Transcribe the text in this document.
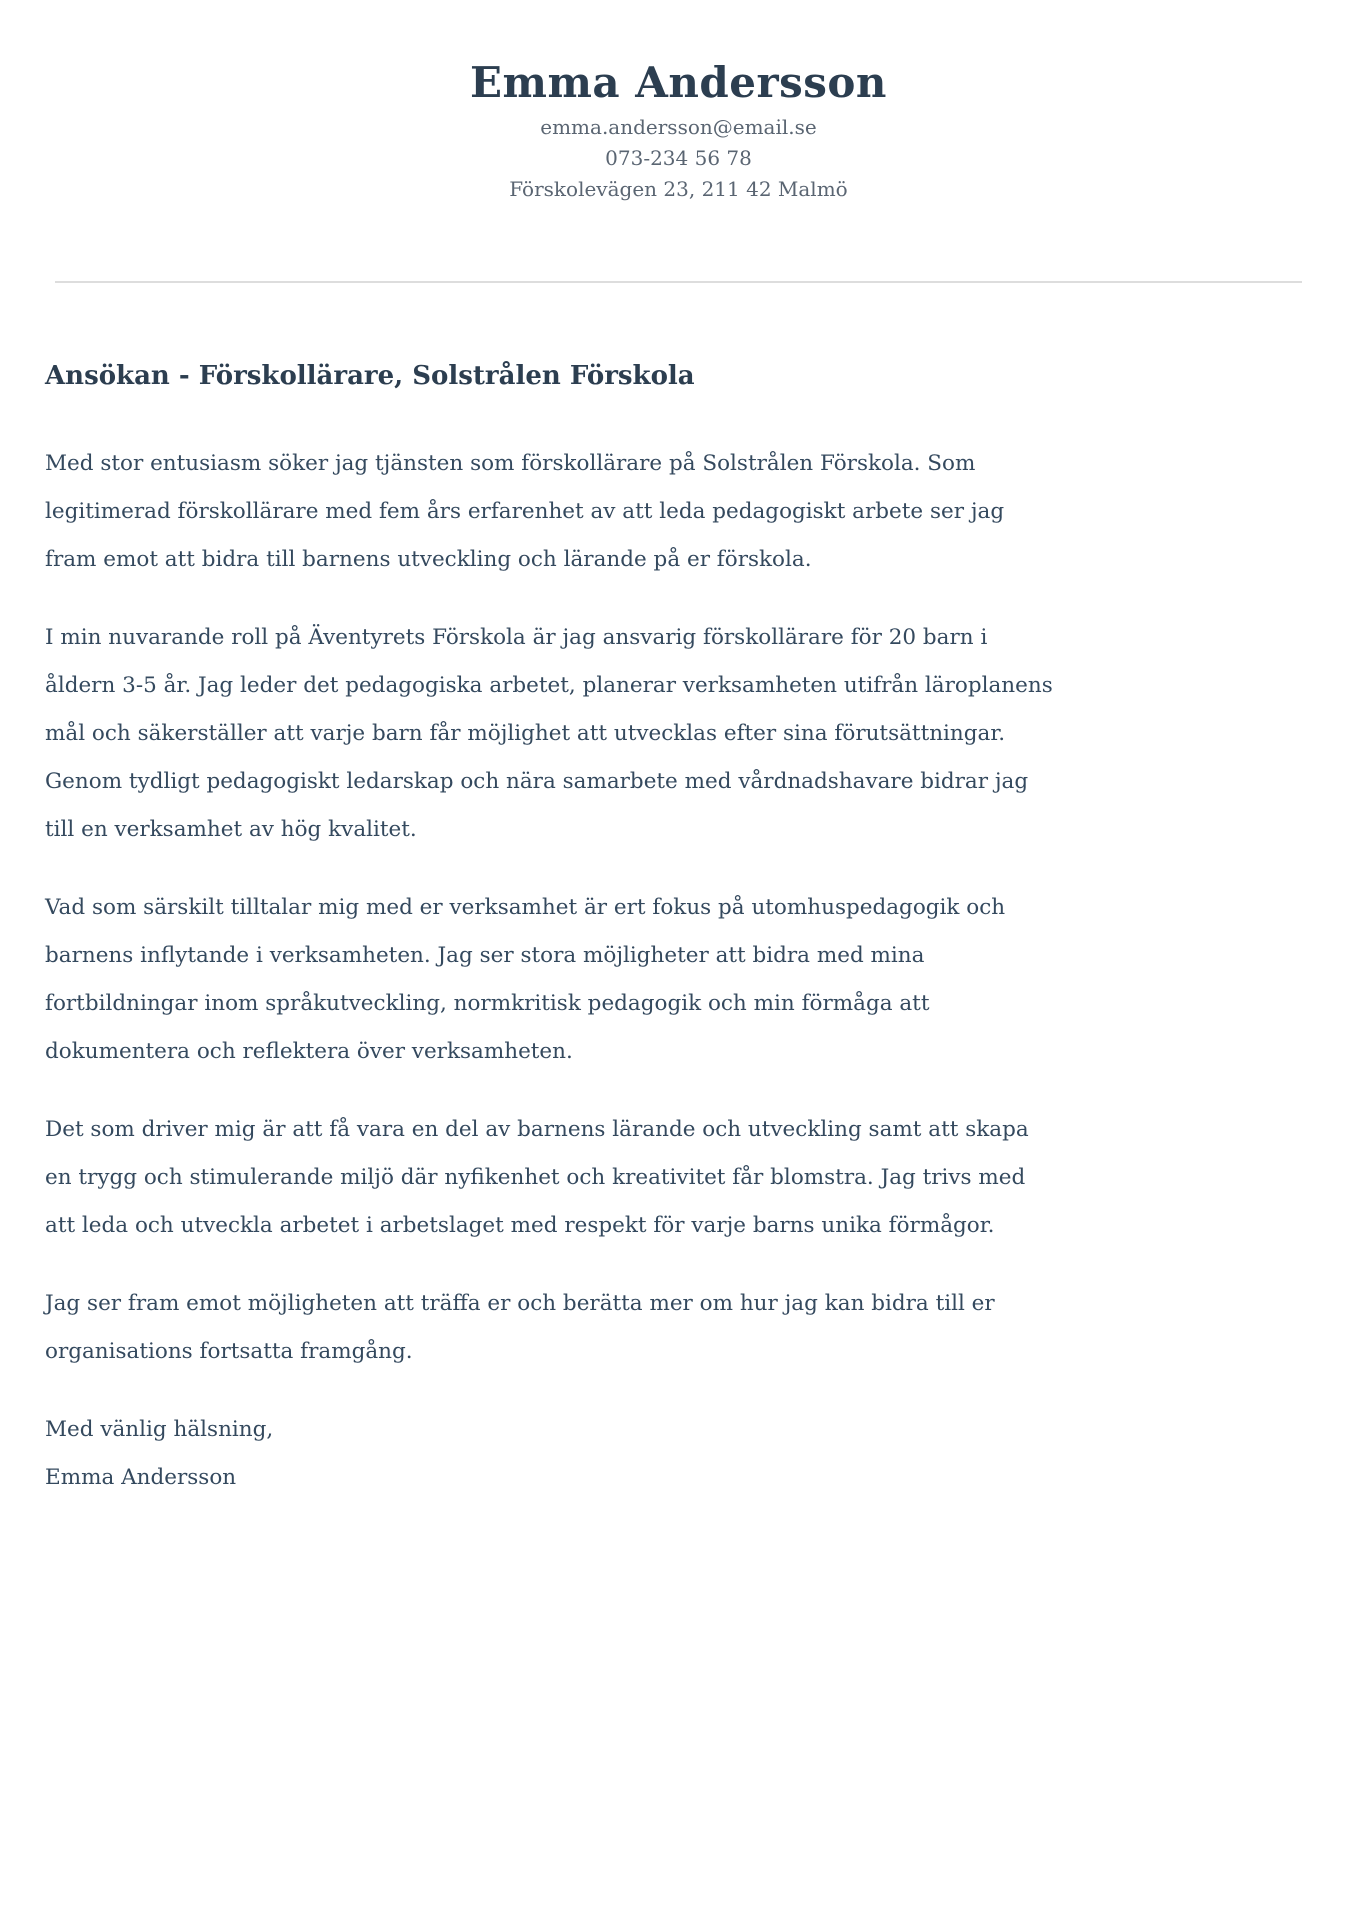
Emma Andersson
emma.andersson@email.se
073-234 56 78
Förskolevägen 23, 211 42 Malmö
Ansökan - Förskollärare, Solstrålen Förskola

Med stor entusiasm söker jag tjänsten som förskollärare på Solstrålen Förskola. Som legitimerad förskollärare med fem års erfarenhet av att leda pedagogiskt arbete ser jag fram emot att bidra till barnens utveckling och lärande på er förskola.

I min nuvarande roll på Äventyrets Förskola är jag ansvarig förskollärare för 20 barn i åldern 3-5 år. Jag leder det pedagogiska arbetet, planerar verksamheten utifrån läroplanens mål och säkerställer att varje barn får möjlighet att utvecklas efter sina förutsättningar. Genom tydligt pedagogiskt ledarskap och nära samarbete med vårdnadshavare bidrar jag till en verksamhet av hög kvalitet.

Vad som särskilt tilltalar mig med er verksamhet är ert fokus på utomhuspedagogik och barnens inflytande i verksamheten. Jag ser stora möjligheter att bidra med mina fortbildningar inom språkutveckling, normkritisk pedagogik och min förmåga att dokumentera och reflektera över verksamheten.

Det som driver mig är att få vara en del av barnens lärande och utveckling samt att skapa en trygg och stimulerande miljö där nyfikenhet och kreativitet får blomstra. Jag trivs med att leda och utveckla arbetet i arbetslaget med respekt för varje barns unika förmågor.

Jag ser fram emot möjligheten att träffa er och berätta mer om hur jag kan bidra till er organisations fortsatta framgång.

Med vänlig hälsning,
Emma Andersson
